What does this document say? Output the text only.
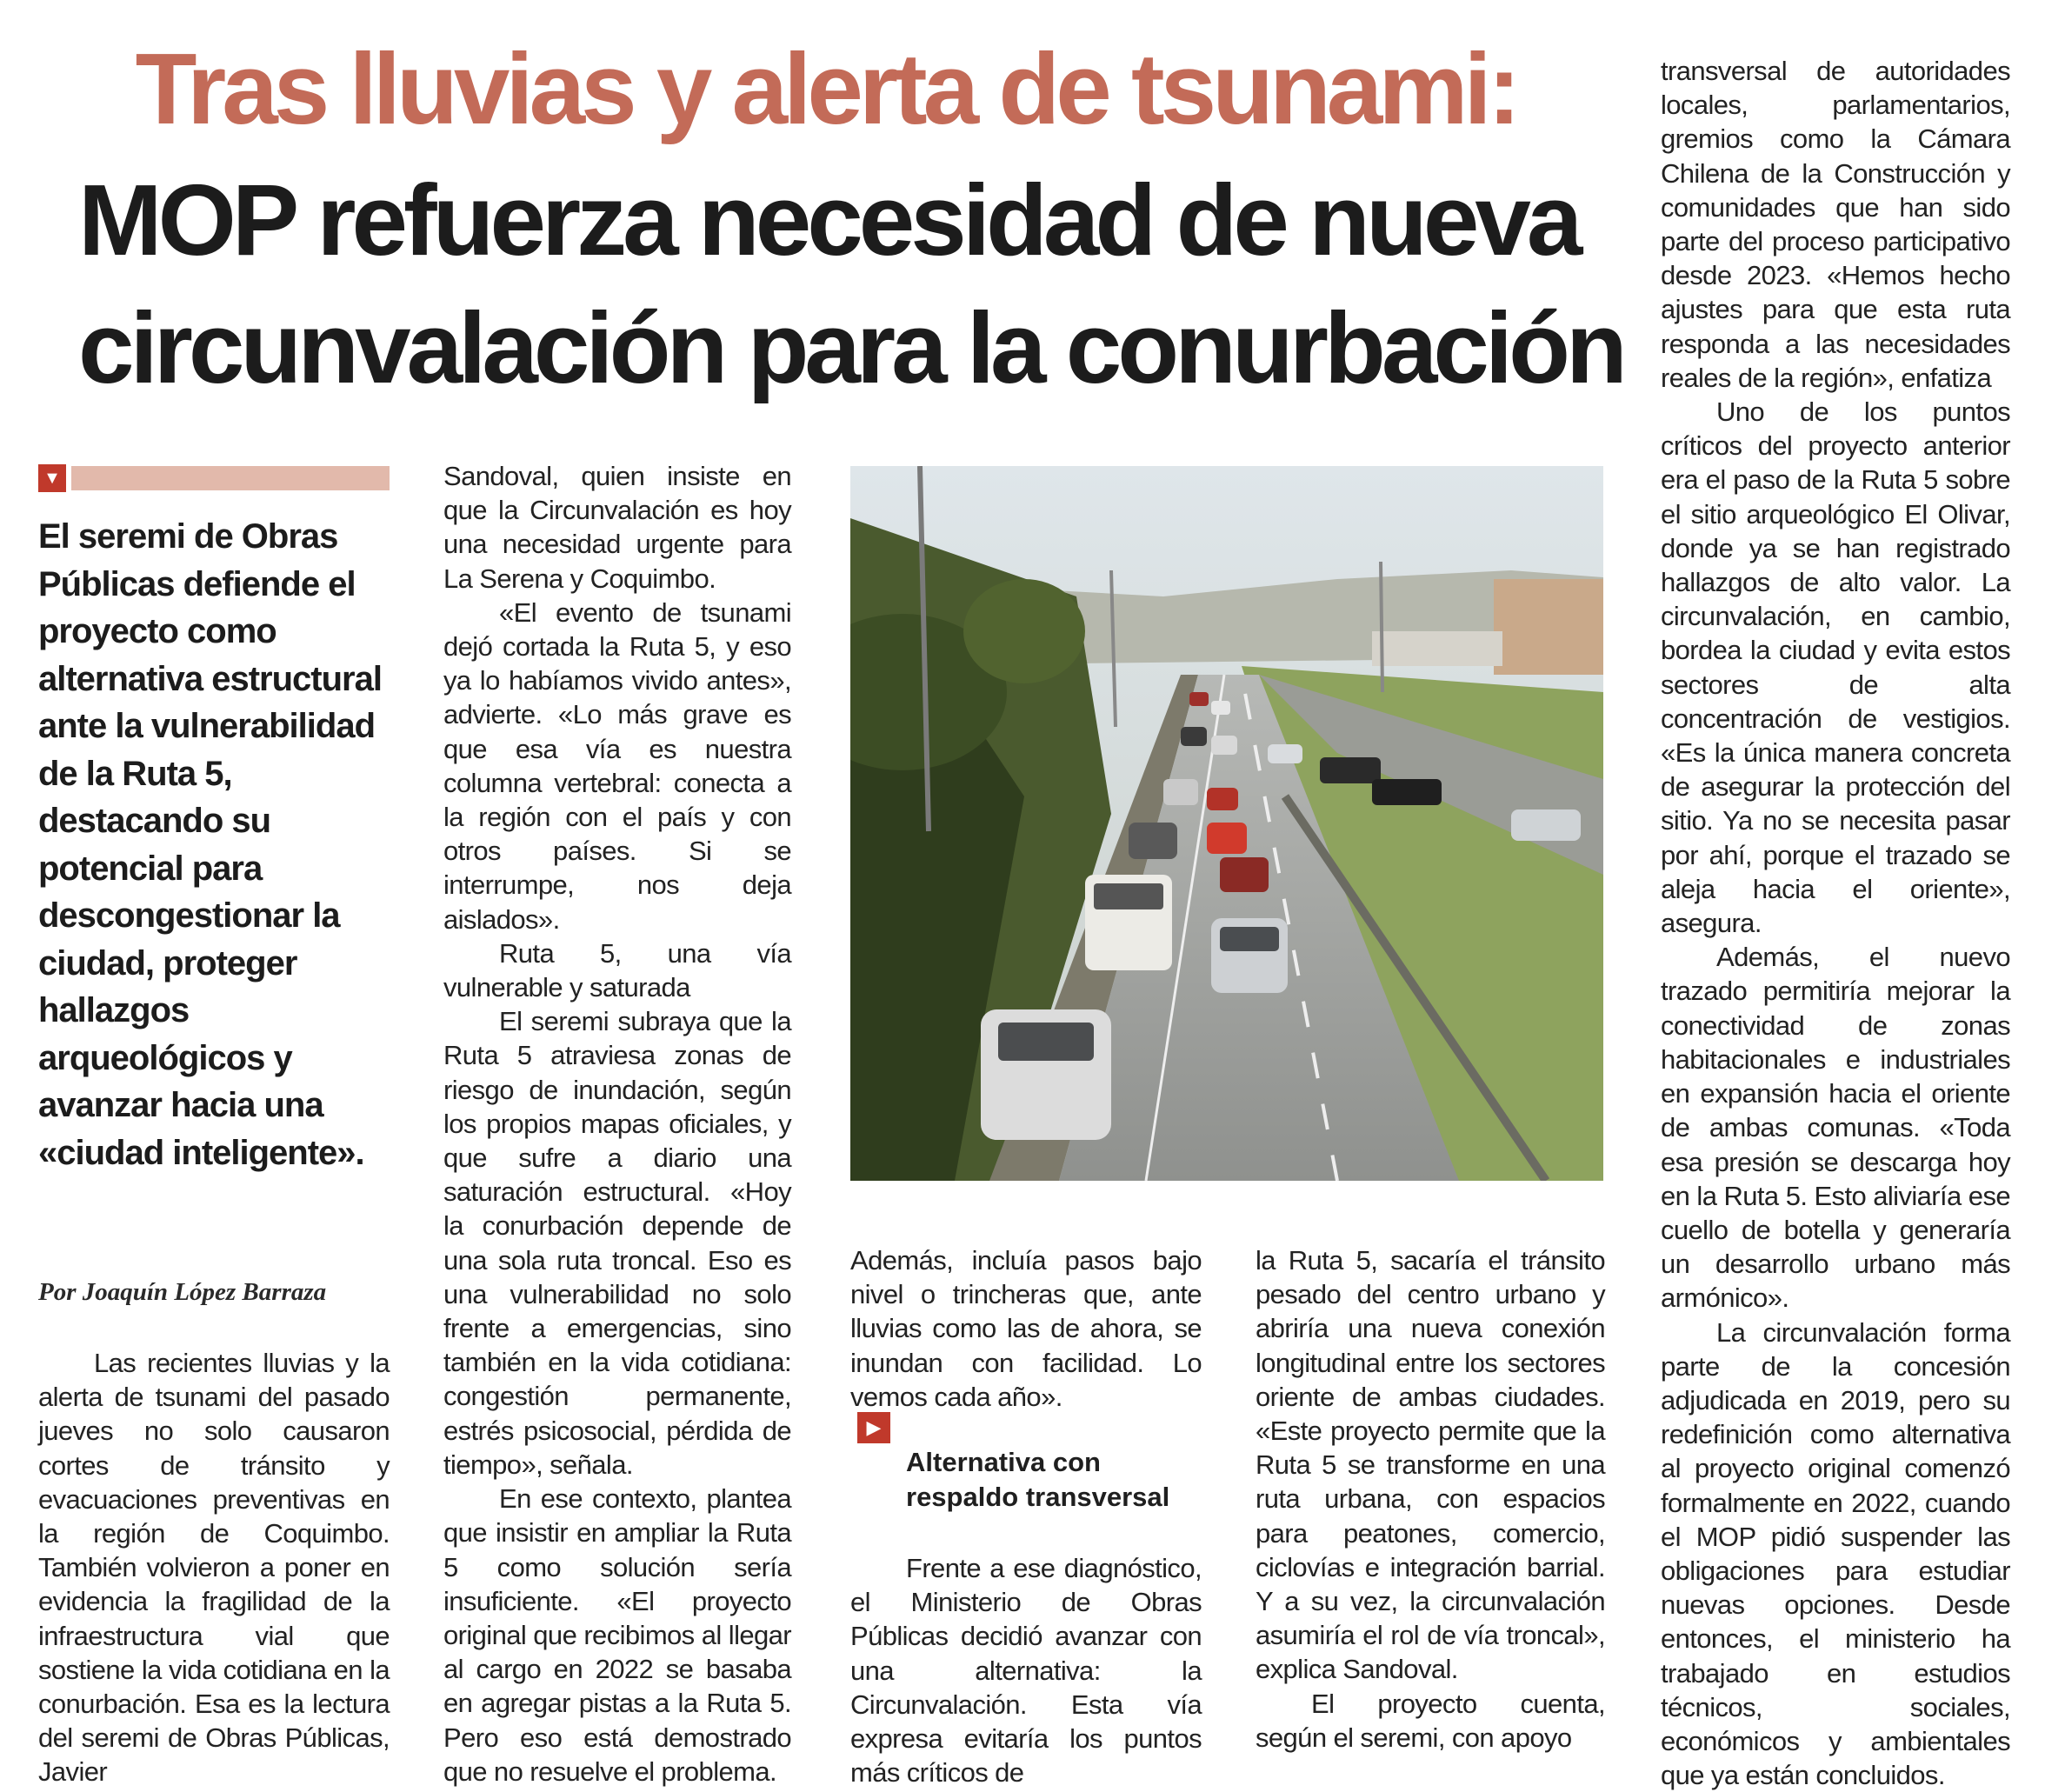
Tras lluvias y alerta de tsunami:
MOP refuerza necesidad de nueva
circunvalación para la conurbación
▼
El seremi de Obras Públicas defiende el proyecto como alternativa estructural ante la vulnerabilidad de la Ruta 5, destacando su potencial para descongestionar la ciudad, proteger hallazgos arqueológicos y avanzar hacia una «ciudad inteligente».
Por Joaquín López Barraza

Las recientes lluvias y la alerta de tsunami del pasado jueves no solo causaron cortes de tránsito y evacuaciones preventivas en la región de Coquimbo. También volvieron a poner en evidencia la fragilidad de la infraestructura vial que sostiene la vida cotidiana en la conurbación. Esa es la lectura del seremi de Obras Públicas, Javier

Sandoval, quien insiste en que la Circunvalación es hoy una necesidad urgente para La Serena y Coquimbo.

«El evento de tsunami dejó cortada la Ruta 5, y eso ya lo habíamos vivido antes», advierte. «Lo más grave es que esa vía es nuestra columna vertebral: conecta a la región con el país y con otros países. Si se interrumpe, nos deja aislados».

Ruta 5, una vía vulnerable y saturada

El seremi subraya que la Ruta 5 atraviesa zonas de riesgo de inundación, según los propios mapas oficiales, y que sufre a diario una saturación estructural. «Hoy la conurbación depende de una sola ruta troncal. Eso es una vulnerabilidad no solo frente a emergencias, sino también en la vida cotidiana: congestión permanente, estrés psicosocial, pérdida de tiempo», señala.

En ese contexto, plantea que insistir en ampliar la Ruta 5 como solución sería insuficiente. «El proyecto original que recibimos al llegar al cargo en 2022 se basaba en agregar pistas a la Ruta 5. Pero eso está demostrado que no resuelve el problema.

Además, incluía pasos bajo nivel o trincheras que, ante lluvias como las de ahora, se inundan con facilidad. Lo vemos cada año».

▶
Alternativa con respaldo transversal

Frente a ese diagnóstico, el Ministerio de Obras Públicas decidió avanzar con una alternativa: la Circunvalación. Esta vía expresa evitaría los puntos más críticos de

la Ruta 5, sacaría el tránsito pesado del centro urbano y abriría una nueva conexión longitudinal entre los sectores oriente de ambas ciudades. «Este proyecto permite que la Ruta 5 se transforme en una ruta urbana, con espacios para peatones, comercio, ciclovías e integración barrial. Y a su vez, la circunvalación asumiría el rol de vía troncal», explica Sandoval.

El proyecto cuenta, según el seremi, con apoyo

transversal de autoridades locales, parlamentarios, gremios como la Cámara Chilena de la Construcción y comunidades que han sido parte del proceso participativo desde 2023. «Hemos hecho ajustes para que esta ruta responda a las necesidades reales de la región», enfatiza

Uno de los puntos críticos del proyecto anterior era el paso de la Ruta 5 sobre el sitio arqueológico El Olivar, donde ya se han registrado hallazgos de alto valor. La circunvalación, en cambio, bordea la ciudad y evita estos sectores de alta concentración de vestigios. «Es la única manera concreta de asegurar la protección del sitio. Ya no se necesita pasar por ahí, porque el trazado se aleja hacia el oriente», asegura.

Además, el nuevo trazado permitiría mejorar la conectividad de zonas habitacionales e industriales en expansión hacia el oriente de ambas comunas. «Toda esa presión se descarga hoy en la Ruta 5. Esto aliviaría ese cuello de botella y generaría un desarrollo urbano más armónico».

La circunvalación forma parte de la concesión adjudicada en 2019, pero su redefinición como alternativa al proyecto original comenzó formalmente en 2022, cuando el MOP pidió suspender las obligaciones para estudiar nuevas opciones. Desde entonces, el ministerio ha trabajado en estudios técnicos, sociales, económicos y ambientales que ya están concluidos.
